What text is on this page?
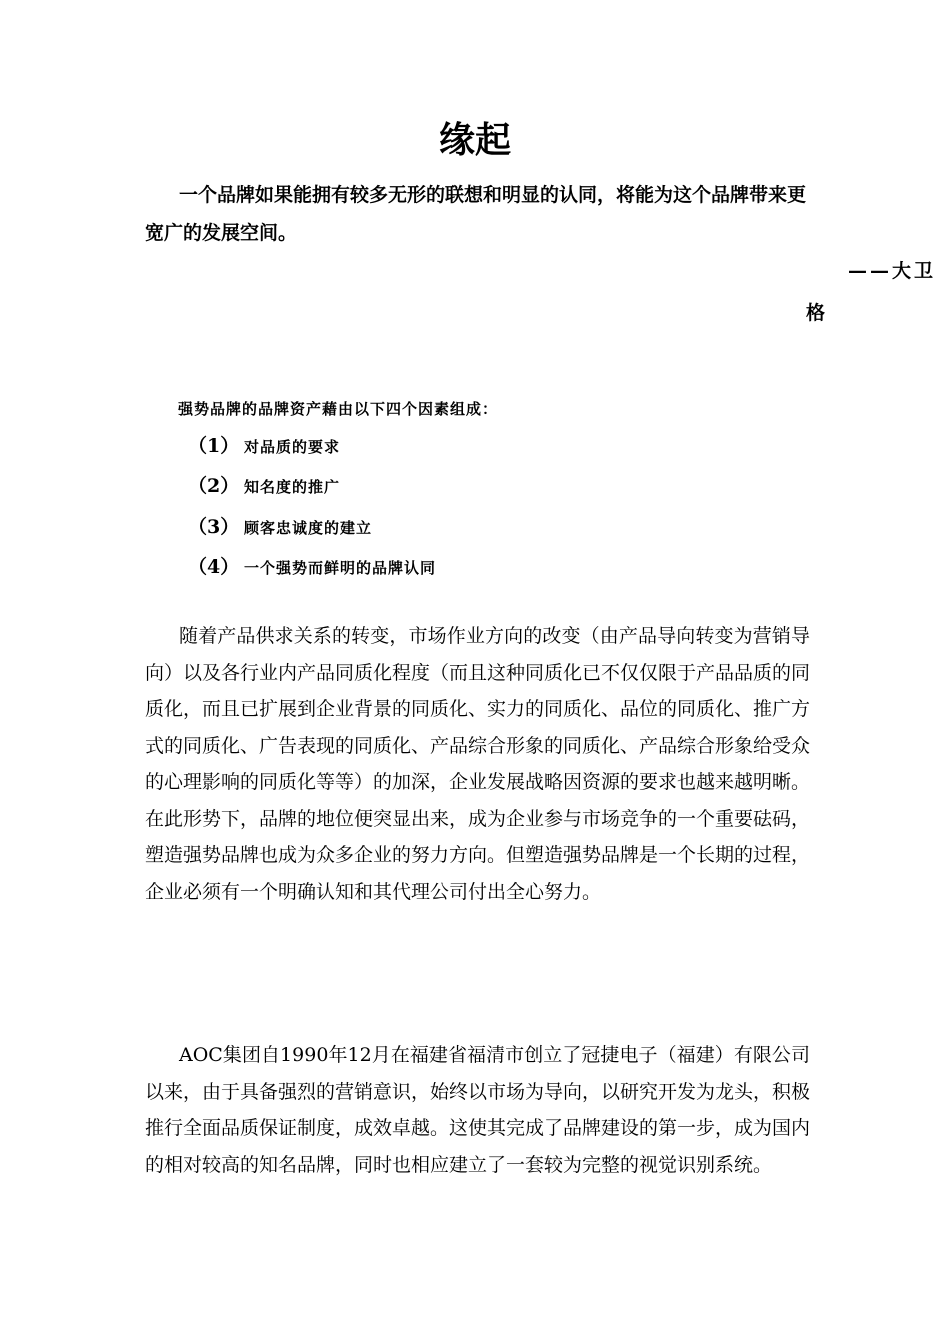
缘起

一个品牌如果能拥有较多无形的联想和明显的认同，将能为这个品牌带来更宽广的发展空间。

——大卫
格
强势品牌的品牌资产藉由以下四个因素组成：
（1） 对品质的要求
（2） 知名度的推广
（3） 顾客忠诚度的建立
（4） 一个强势而鲜明的品牌认同

随着产品供求关系的转变，市场作业方向的改变（由产品导向转变为营销导向）以及各行业内产品同质化程度（而且这种同质化已不仅仅限于产品品质的同质化，而且已扩展到企业背景的同质化、实力的同质化、品位的同质化、推广方式的同质化、广告表现的同质化、产品综合形象的同质化、产品综合形象给受众的心理影响的同质化等等）的加深，企业发展战略因资源的要求也越来越明晰。在此形势下，品牌的地位便突显出来，成为企业参与市场竞争的一个重要砝码，塑造强势品牌也成为众多企业的努力方向。但塑造强势品牌是一个长期的过程，企业必须有一个明确认知和其代理公司付出全心努力。

AOC集团自1990年12月在福建省福清市创立了冠捷电子（福建）有限公司以来，由于具备强烈的营销意识，始终以市场为导向，以研究开发为龙头，积极推行全面品质保证制度，成效卓越。这使其完成了品牌建设的第一步，成为国内的相对较高的知名品牌，同时也相应建立了一套较为完整的视觉识别系统。
